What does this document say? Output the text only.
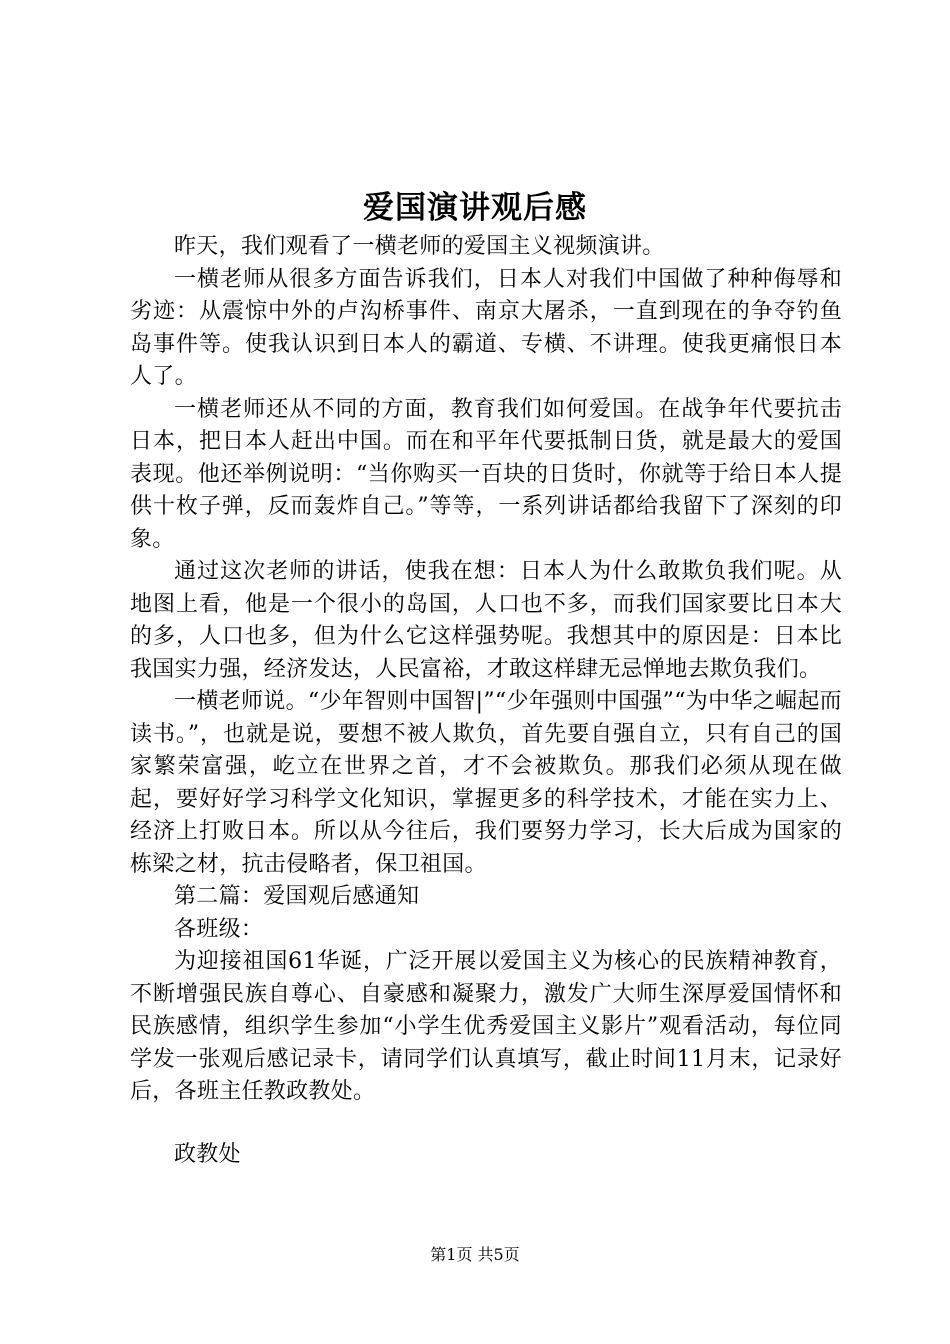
爱国演讲观后感

昨天，我们观看了一横老师的爱国主义视频演讲。

一横老师从很多方面告诉我们，日本人对我们中国做了种种侮辱和劣迹：从震惊中外的卢沟桥事件、南京大屠杀，一直到现在的争夺钓鱼岛事件等。使我认识到日本人的霸道、专横、不讲理。使我更痛恨日本人了。

一横老师还从不同的方面，教育我们如何爱国。在战争年代要抗击日本，把日本人赶出中国。而在和平年代要抵制日货，就是最大的爱国表现。他还举例说明：“当你购买一百块的日货时，你就等于给日本人提供十枚子弹，反而轰炸自己。”等等，一系列讲话都给我留下了深刻的印象。

通过这次老师的讲话，使我在想：日本人为什么敢欺负我们呢。从地图上看，他是一个很小的岛国，人口也不多，而我们国家要比日本大的多，人口也多，但为什么它这样强势呢。我想其中的原因是：日本比我国实力强，经济发达，人民富裕，才敢这样肆无忌惮地去欺负我们。

一横老师说。“少年智则中国智|”“少年强则中国强”“为中华之崛起而读书。”，也就是说，要想不被人欺负，首先要自强自立，只有自己的国家繁荣富强，屹立在世界之首，才不会被欺负。那我们必须从现在做起，要好好学习科学文化知识，掌握更多的科学技术，才能在实力上、经济上打败日本。所以从今往后，我们要努力学习，长大后成为国家的栋梁之材，抗击侵略者，保卫祖国。

第二篇：爱国观后感通知

各班级：

为迎接祖国61华诞，广泛开展以爱国主义为核心的民族精神教育，不断增强民族自尊心、自豪感和凝聚力，激发广大师生深厚爱国情怀和民族感情，组织学生参加“小学生优秀爱国主义影片”观看活动，每位同学发一张观后感记录卡，请同学们认真填写，截止时间11月末，记录好后，各班主任教政教处。

政教处

第1页 共5页
